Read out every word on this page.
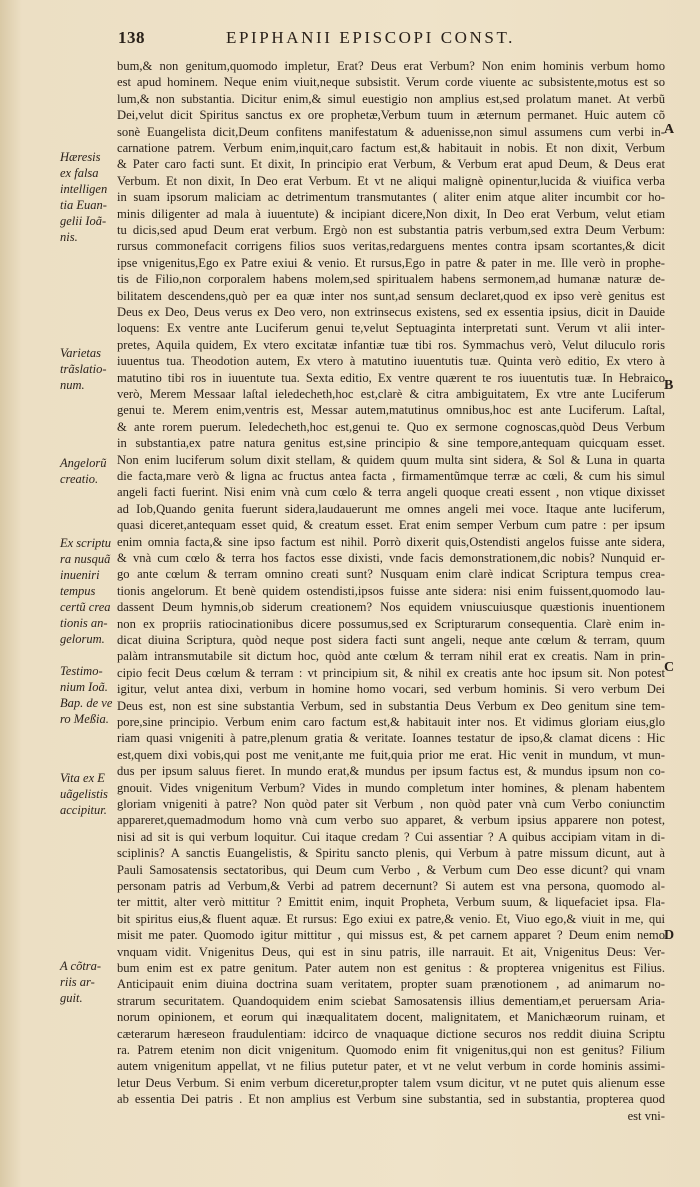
138	EPIPHANII EPISCOPI CONST.
Hæresis
ex falsa
intelligen
tia Euan-
gelii Ioã-
nis.
Varietas
trãslatio-
num.
Angelorũ
creatio.
Ex scriptu
ra nusquã
inueniri
tempus
certũ crea
tionis an-
gelorum.
Testimo-
nium Ioã.
Bap. de ve
ro Meßia.
Vita ex E
uãgelistis
accipitur.
A cõtra-
riis ar-
guit.
bum,& non genitum,quomodo impletur, Erat? Deus erat Verbum? Non enim hominis verbum homo
est apud hominem. Neque enim viuit,neque subsistit. Verum corde viuente ac subsistente,motus est so
lum,& non substantia. Dicitur enim,& simul euestigio non amplius est,sed prolatum manet. At verbũ
Dei,velut dicit Spiritus sanctus ex ore prophetæ,Verbum tuum in æternum permanet. Huic autem cõ
sonè Euangelista dicit,Deum confitens manifestatum & aduenisse,non simul assumens cum verbi in-
carnatione patrem. Verbum enim,inquit,caro factum est,& habitauit in nobis. Et non dixit, Verbum
& Pater caro facti sunt. Et dixit, In principio erat Verbum, & Verbum erat apud Deum, & Deus erat
Verbum. Et non dixit, In Deo erat Verbum. Et vt ne aliqui malignè opinentur,lucida & viuifica verba
in suam ipsorum maliciam ac detrimentum transmutantes ( aliter enim atque aliter incumbit cor ho-
minis diligenter ad mala à iuuentute) & incipiant dicere,Non dixit, In Deo erat Verbum, velut etiam
tu dicis,sed apud Deum erat verbum. Ergò non est substantia patris verbum,sed extra Deum Verbum:
rursus commonefacit corrigens filios suos veritas,redarguens mentes contra ipsam scortantes,& dicit
ipse vnigenitus,Ego ex Patre exiui & venio. Et rursus,Ego in patre & pater in me. Ille verò in prophe-
tis de Filio,non corporalem habens molem,sed spiritualem habens sermonem,ad humanæ naturæ de-
bilitatem descendens,quò per ea quæ inter nos sunt,ad sensum declaret,quod ex ipso verè genitus est
Deus ex Deo, Deus verus ex Deo vero, non extrinsecus existens, sed ex essentia ipsius, dicit in Dauide
loquens: Ex ventre ante Luciferum genui te,velut Septuaginta interpretati sunt. Verum vt alii inter-
pretes, Aquila quidem, Ex vtero excitatæ infantiæ tuæ tibi ros. Symmachus verò, Velut diluculo roris
iuuentus tua. Theodotion autem, Ex vtero à matutino iuuentutis tuæ. Quinta verò editio, Ex vtero à
matutino tibi ros in iuuentute tua. Sexta editio, Ex ventre quærent te ros iuuentutis tuæ. In Hebraico
verò, Merem Messaar laſtal ieledecheth,hoc est,clarè & citra ambiguitatem, Ex vtre ante Luciferum
genui te. Merem enim,ventris est, Messar autem,matutinus omnibus,hoc est ante Luciferum. Laſtal,
& ante rorem puerum. Ieledecheth,hoc est,genui te. Quo ex sermone cognoscas,quòd Deus Verbum
in substantia,ex patre natura genitus est,sine principio & sine tempore,antequam quicquam esset.
Non enim luciferum solum dixit stellam, & quidem quum multa sint sidera, & Sol & Luna in quarta
die facta,mare verò & ligna ac fructus antea facta , firmamentũmque terræ ac cœli, & cum his simul
angeli facti fuerint. Nisi enim vnà cum cœlo & terra angeli quoque creati essent , non vtique dixisset
ad Iob,Quando genita fuerunt sidera,laudauerunt me omnes angeli mei voce. Itaque ante luciferum,
quasi diceret,antequam esset quid, & creatum esset. Erat enim semper Verbum cum patre : per ipsum
enim omnia facta,& sine ipso factum est nihil. Porrò dixerit quis,Ostendisti angelos fuisse ante sidera,
& vnà cum cœlo & terra hos factos esse dixisti, vnde facis demonstrationem,dic nobis? Nunquid er-
go ante cœlum & terram omnino creati sunt? Nusquam enim clarè indicat Scriptura tempus crea-
tionis angelorum. Et benè quidem ostendisti,ipsos fuisse ante sidera: nisi enim fuissent,quomodo lau-
dassent Deum hymnis,ob siderum creationem? Nos equidem vniuscuiusque quæstionis inuentionem
non ex propriis ratiocinationibus dicere possumus,sed ex Scripturarum consequentia. Clarè enim in-
dicat diuina Scriptura, quòd neque post sidera facti sunt angeli, neque ante cœlum & terram, quum
palàm intransmutabile sit dictum hoc, quòd ante cœlum & terram nihil erat ex creatis. Nam in prin-
cipio fecit Deus cœlum & terram : vt principium sit, & nihil ex creatis ante hoc ipsum sit. Non potest
igitur, velut antea dixi, verbum in homine homo vocari, sed verbum hominis. Si vero verbum Dei
Deus est, non est sine substantia Verbum, sed in substantia Deus Verbum ex Deo genitum sine tem-
pore,sine principio. Verbum enim caro factum est,& habitauit inter nos. Et vidimus gloriam eius,glo
riam quasi vnigeniti à patre,plenum gratia & veritate. Ioannes testatur de ipso,& clamat dicens : Hic
est,quem dixi vobis,qui post me venit,ante me fuit,quia prior me erat. Hic venit in mundum, vt mun-
dus per ipsum saluus fieret. In mundo erat,& mundus per ipsum factus est, & mundus ipsum non co-
gnouit. Vides vnigenitum Verbum? Vides in mundo completum inter homines, & plenam habentem
gloriam vnigeniti à patre? Non quòd pater sit Verbum , non quòd pater vnà cum Verbo coniunctim
appareret,quemadmodum homo vnà cum verbo suo apparet, & verbum ipsius apparere non potest,
nisi ad sit is qui verbum loquitur. Cui itaque credam ? Cui assentiar ? A quibus accipiam vitam in di-
sciplinis? A sanctis Euangelistis, & Spiritu sancto plenis, qui Verbum à patre missum dicunt, aut à
Pauli Samosatensis sectatoribus, qui Deum cum Verbo , & Verbum cum Deo esse dicunt? qui vnam
personam patris ad Verbum,& Verbi ad patrem decernunt? Si autem est vna persona, quomodo al-
ter mittit, alter verò mittitur ? Emittit enim, inquit Propheta, Verbum suum, & liquefaciet ipsa. Fla-
bit spiritus eius,& fluent aquæ. Et rursus: Ego exiui ex patre,& venio. Et, Viuo ego,& viuit in me, qui
misit me pater. Quomodo igitur mittitur , qui missus est, & pet carnem apparet ? Deum enim nemo
vnquam vidit. Vnigenitus Deus, qui est in sinu patris, ille narrauit. Et ait, Vnigenitus Deus: Ver-
bum enim est ex patre genitum. Pater autem non est genitus : & propterea vnigenitus est Filius.
Anticipauit enim diuina doctrina suam veritatem, propter suam prænotionem , ad animarum no-
strarum securitatem. Quandoquidem enim sciebat Samosatensis illius dementiam,et peruersam Aria-
norum opinionem, et eorum qui inæqualitatem docent, malignitatem, et Manichæorum ruinam, et
cæterarum hæreseon fraudulentiam: idcirco de vnaquaque dictione securos nos reddit diuina Scriptu
ra. Patrem etenim non dicit vnigenitum. Quomodo enim fit vnigenitus,qui non est genitus? Filium
autem vnigenitum appellat, vt ne filius putetur pater, et vt ne velut verbum in corde hominis assimi-
letur Deus Verbum. Si enim verbum diceretur,propter talem vsum dicitur, vt ne putet quis alienum esse
ab essentia Dei patris . Et non amplius est Verbum sine substantia, sed in substantia, propterea quod
est vni-
A
B
C
D
